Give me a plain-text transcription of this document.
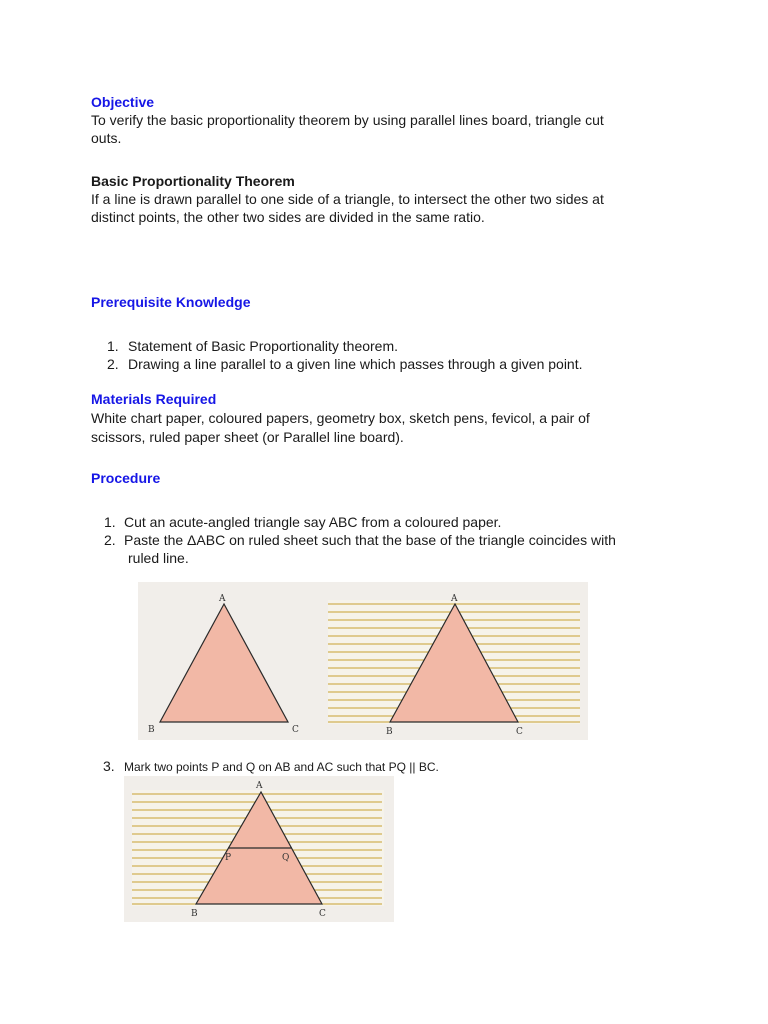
Objective
To verify the basic proportionality theorem by using parallel lines board, triangle cut
outs.
Basic Proportionality Theorem
If a line is drawn parallel to one side of a triangle, to intersect the other two sides at
distinct points, the other two sides are divided in the same ratio.
Prerequisite Knowledge
1. Statement of Basic Proportionality theorem.
2. Drawing a line parallel to a given line which passes through a given point.
Materials Required
White chart paper, coloured papers, geometry box, sketch pens, fevicol, a pair of
scissors, ruled paper sheet (or Parallel line board).
Procedure
1. Cut an acute-angled triangle say ABC from a coloured paper.
2. Paste the ΔABC on ruled sheet such that the base of the triangle coincides with
ruled line.
A
B	C
A
B	C
3. Mark two points P and Q on AB and AC such that PQ || BC.
A
P	Q
B	C
